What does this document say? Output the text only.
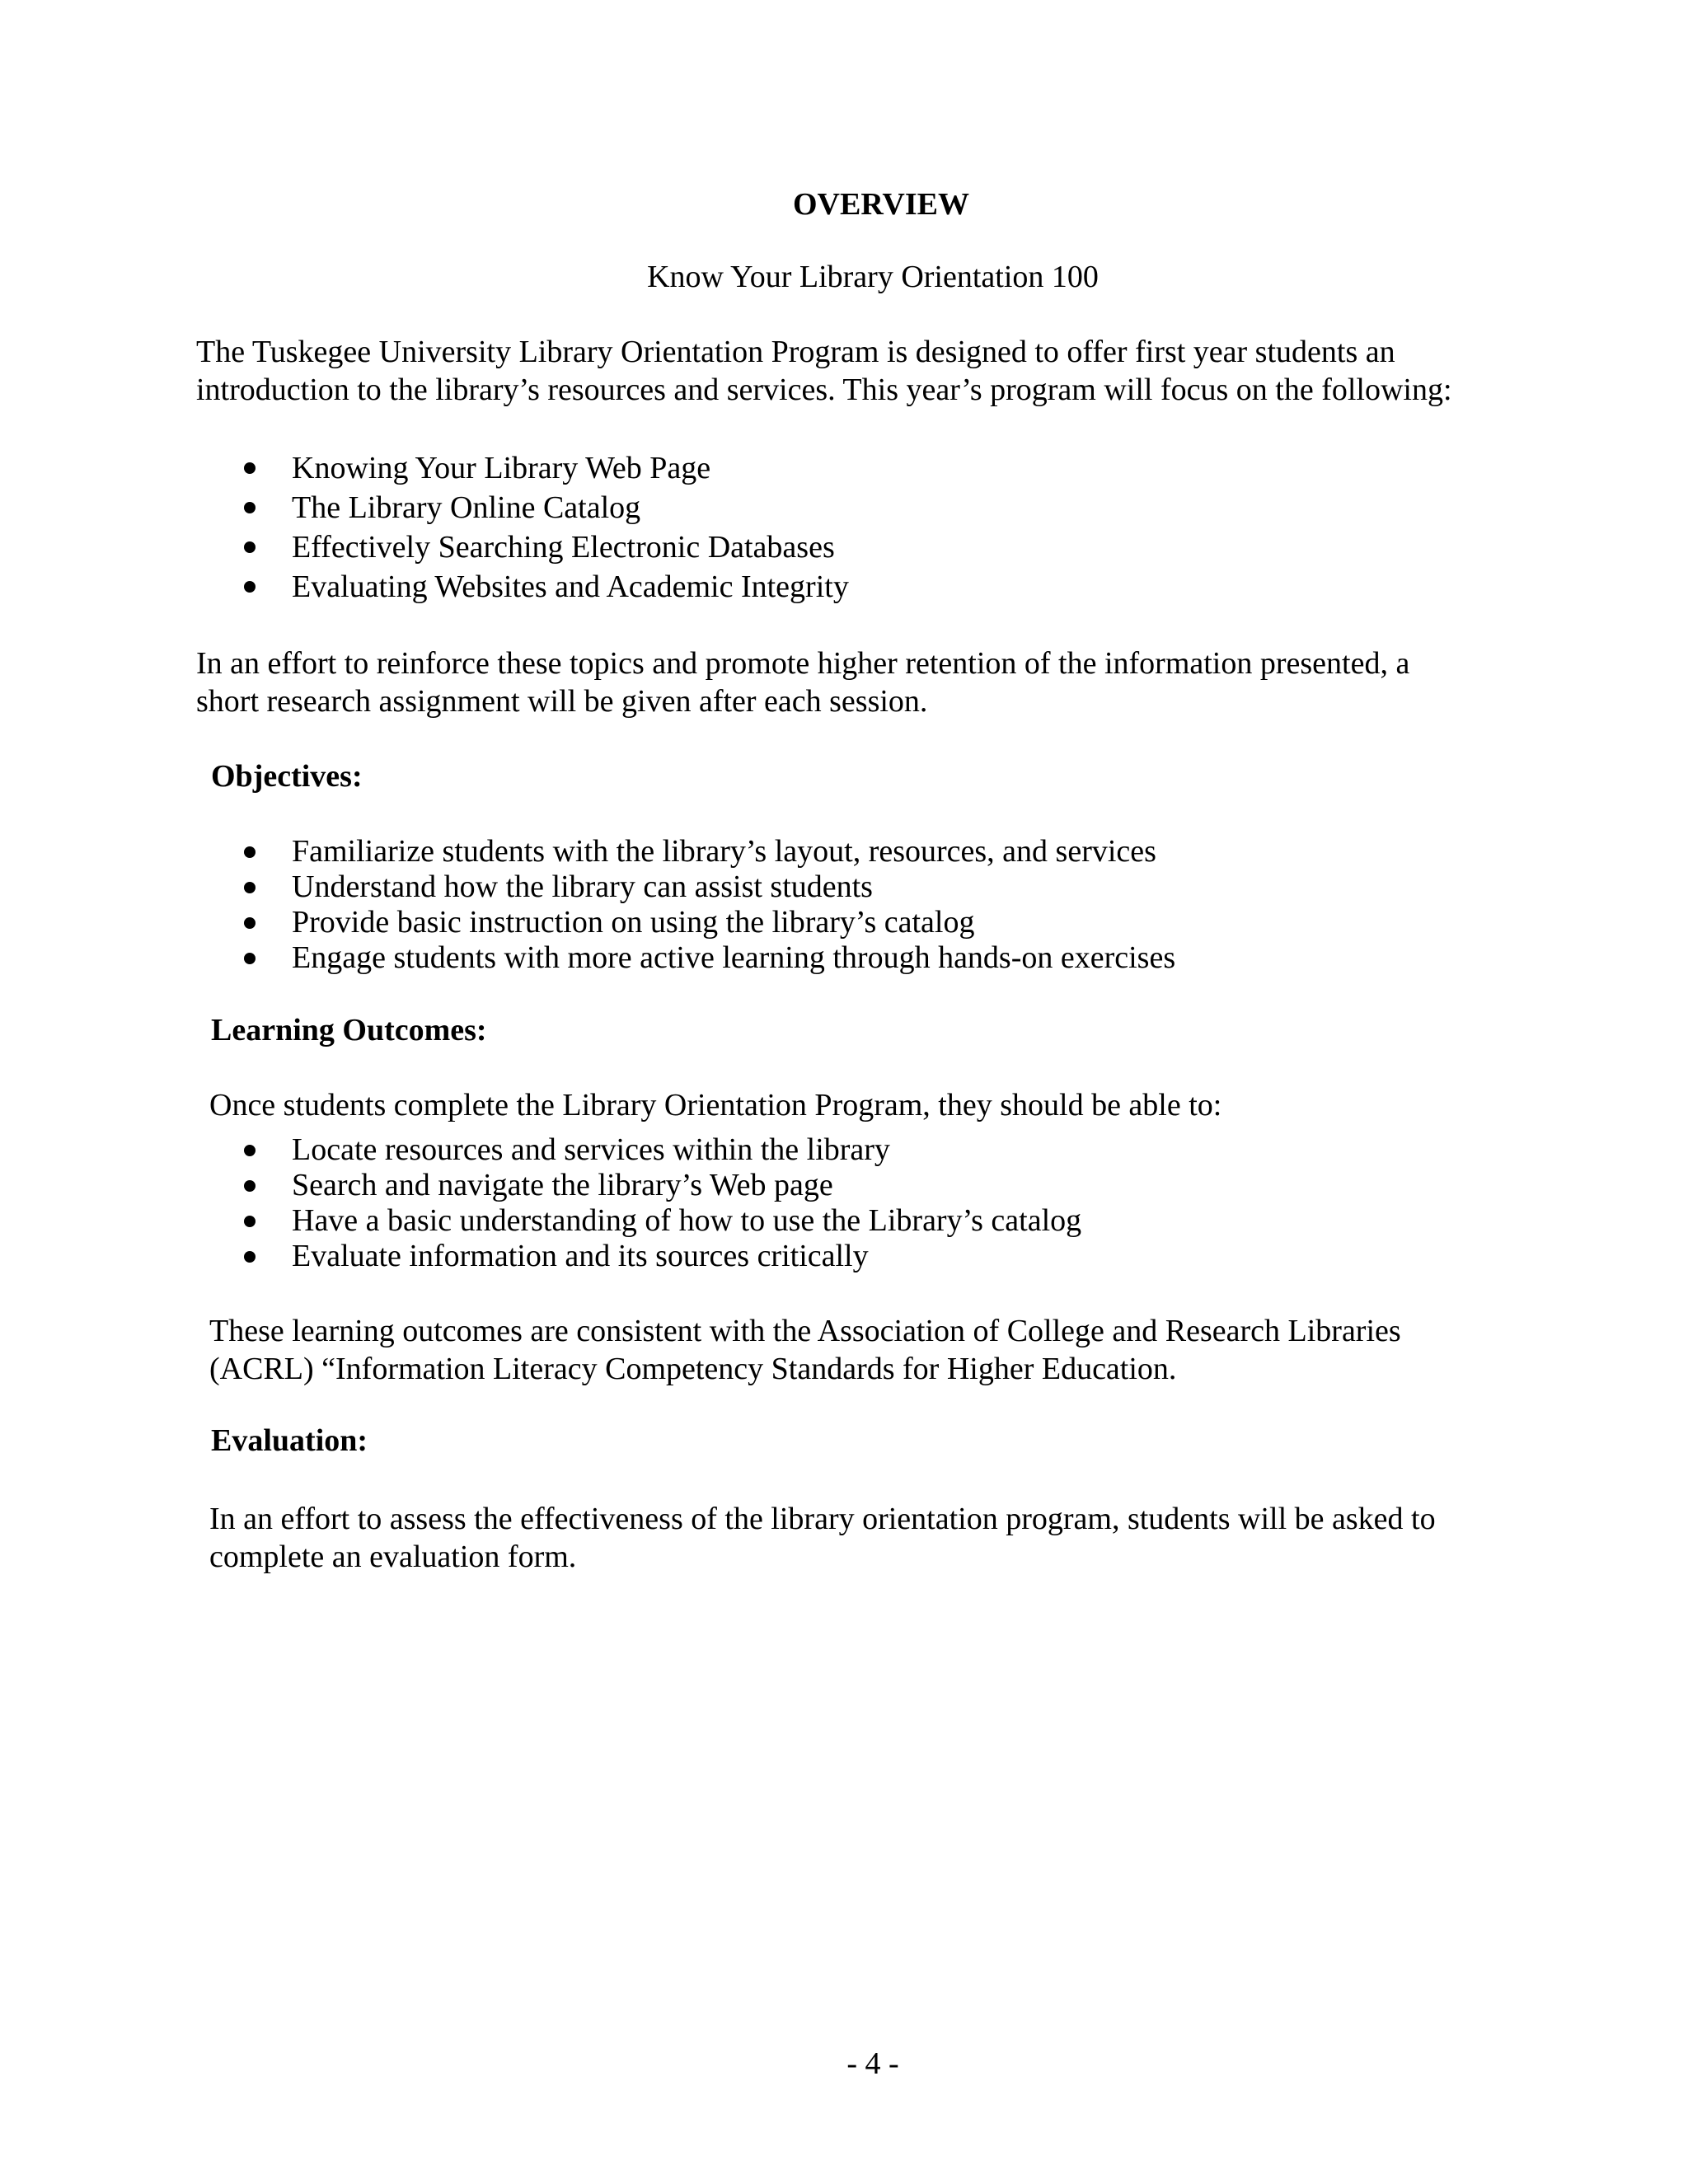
OVERVIEW
Know Your Library Orientation 100

The Tuskegee University Library Orientation Program is designed to offer first year students an
introduction to the library’s resources and services. This year’s program will focus on the following:

Knowing Your Library Web Page
The Library Online Catalog
Effectively Searching Electronic Databases
Evaluating Websites and Academic Integrity

In an effort to reinforce these topics and promote higher retention of the information presented, a
short research assignment will be given after each session.

Objectives:
Familiarize students with the library’s layout, resources, and services
Understand how the library can assist students
Provide basic instruction on using the library’s catalog
Engage students with more active learning through hands-on exercises
Learning Outcomes:

Once students complete the Library Orientation Program, they should be able to:

Locate resources and services within the library
Search and navigate the library’s Web page
Have a basic understanding of how to use the Library’s catalog
Evaluate information and its sources critically

These learning outcomes are consistent with the Association of College and Research Libraries
(ACRL) “Information Literacy Competency Standards for Higher Education.

Evaluation:

In an effort to assess the effectiveness of the library orientation program, students will be asked to
complete an evaluation form.

- 4 -
